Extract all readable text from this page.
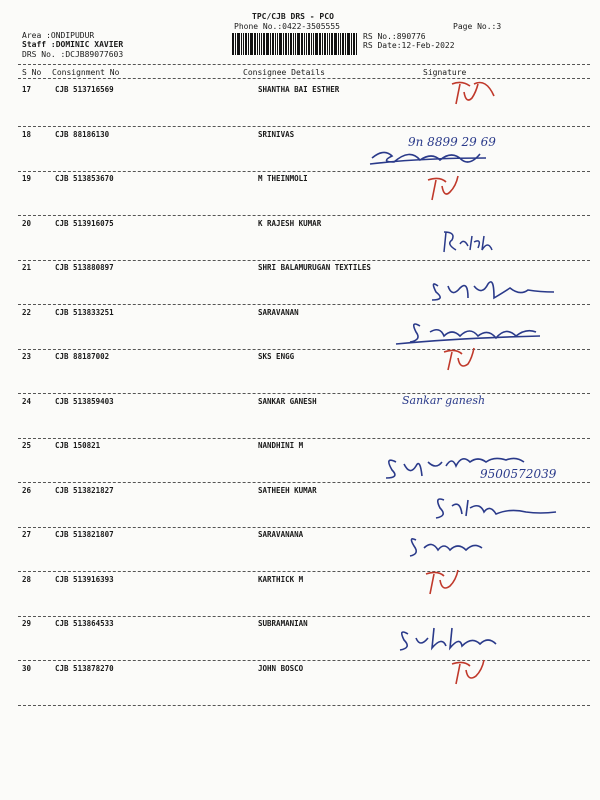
TPC/CJB DRS - PCO
Phone No.:0422-3505555	Page No.:3
Area :ONDIPUDUR
Staff :DOMINIC XAVIER
DRS No. :DCJB89077603
RS No.:890776
RS Date:12-Feb-2022
S No Consignment No	Consignee Details	Signature
17	CJB 513716569	SHANTHA BAI ESTHER
18	CJB 88186130	SRINIVAS
19	CJB 513853670	M THEINMOLI
20	CJB 513916075	K RAJESH KUMAR
21	CJB 513880897	SHRI BALAMURUGAN TEXTILES
22	CJB 513833251	SARAVANAN
23	CJB 88187002	SKS ENGG
24	CJB 513859403	SANKAR GANESH
25	CJB 150821	NANDHINI M
26	CJB 513821827	SATHEEH KUMAR
27	CJB 513821807	SARAVANANA
28	CJB 513916393	KARTHICK M
29	CJB 513864533	SUBRAMANIAN
30	CJB 513878270	JOHN BOSCO
9n 8899 29 69
Sankar ganesh
9500572039
